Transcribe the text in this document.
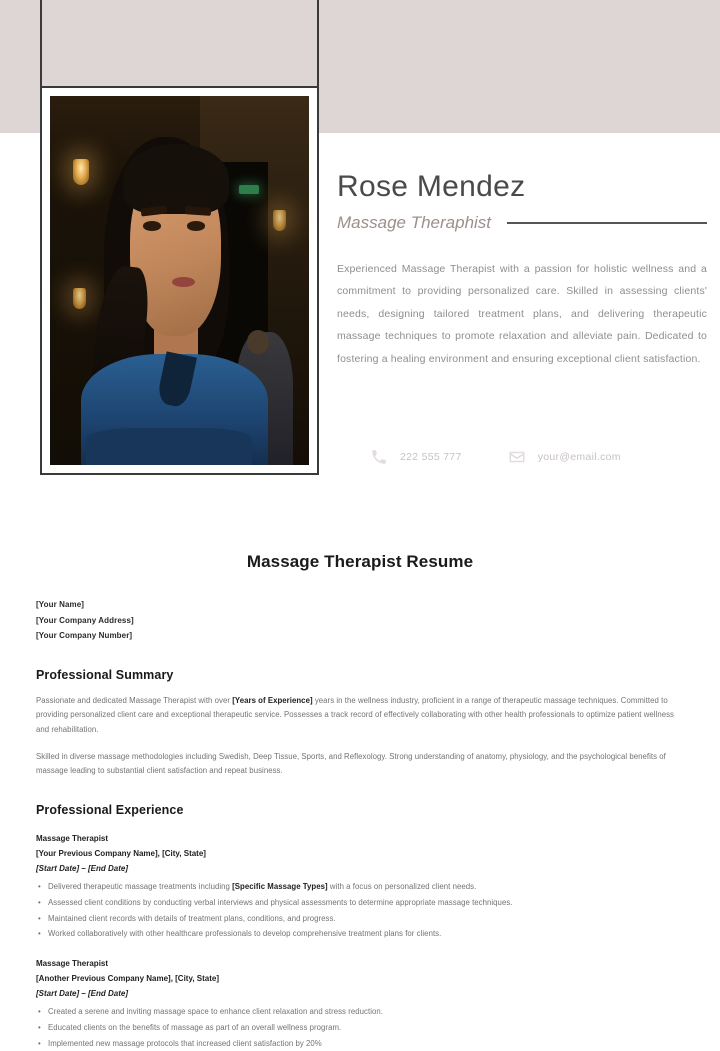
Rose Mendez
Massage Theraphist
Experienced Massage Therapist with a passion for holistic wellness and a commitment to providing personalized care. Skilled in assessing clients' needs, designing tailored treatment plans, and delivering therapeutic massage techniques to promote relaxation and alleviate pain. Dedicated to fostering a healing environment and ensuring exceptional client satisfaction.
222 555 777	your@email.com
Massage Therapist Resume
[Your Name]
[Your Company Address]
[Your Company Number]
Professional Summary
Passionate and dedicated Massage Therapist with over [Years of Experience] years in the wellness industry, proficient in a range of therapeutic massage techniques. Committed to providing personalized client care and exceptional therapeutic service. Possesses a track record of effectively collaborating with other health professionals to optimize patient wellness and rehabilitation.
Skilled in diverse massage methodologies including Swedish, Deep Tissue, Sports, and Reflexology. Strong understanding of anatomy, physiology, and the psychological benefits of massage leading to substantial client satisfaction and repeat business.
Professional Experience
Massage Therapist
[Your Previous Company Name], [City, State]
[Start Date] – [End Date]
• Delivered therapeutic massage treatments including [Specific Massage Types] with a focus on personalized client needs.
• Assessed client conditions by conducting verbal interviews and physical assessments to determine appropriate massage techniques.
• Maintained client records with details of treatment plans, conditions, and progress.
• Worked collaboratively with other healthcare professionals to develop comprehensive treatment plans for clients.
Massage Therapist
[Another Previous Company Name], [City, State]
[Start Date] – [End Date]
• Created a serene and inviting massage space to enhance client relaxation and stress reduction.
• Educated clients on the benefits of massage as part of an overall wellness program.
• Implemented new massage protocols that increased client satisfaction by 20%
